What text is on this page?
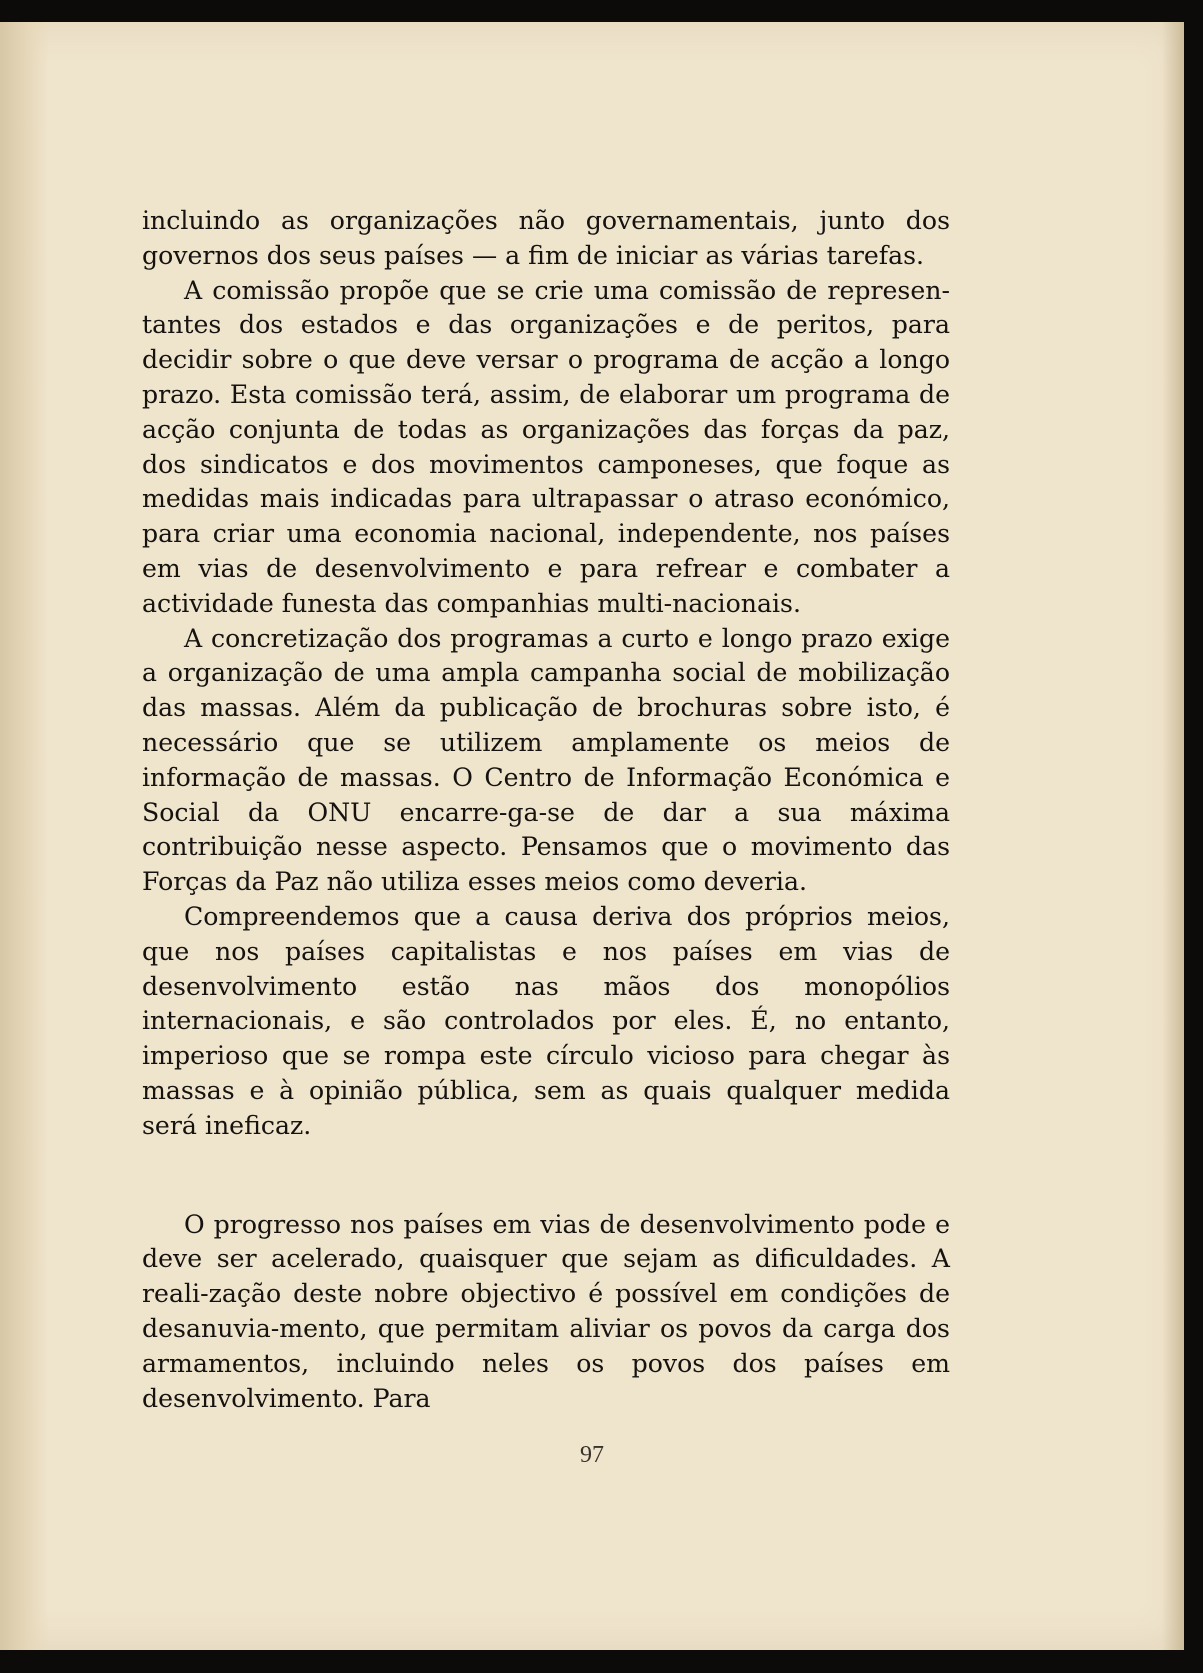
incluindo as organizações não governamentais, junto dos governos dos seus países — a fim de iniciar as várias tarefas.

A comissão propõe que se crie uma comissão de represen-tantes dos estados e das organizações e de peritos, para decidir sobre o que deve versar o programa de acção a longo prazo. Esta comissão terá, assim, de elaborar um programa de acção conjunta de todas as organizações das forças da paz, dos sindicatos e dos movimentos camponeses, que foque as medidas mais indicadas para ultrapassar o atraso económico, para criar uma economia nacional, independente, nos países em vias de desenvolvimento e para refrear e combater a actividade funesta das companhias multi-nacionais.

A concretização dos programas a curto e longo prazo exige a organização de uma ampla campanha social de mobilização das massas. Além da publicação de brochuras sobre isto, é necessário que se utilizem amplamente os meios de informação de massas. O Centro de Informação Económica e Social da ONU encarre-ga-se de dar a sua máxima contribuição nesse aspecto. Pensamos que o movimento das Forças da Paz não utiliza esses meios como deveria.

Compreendemos que a causa deriva dos próprios meios, que nos países capitalistas e nos países em vias de desenvolvimento estão nas mãos dos monopólios internacionais, e são controlados por eles. É, no entanto, imperioso que se rompa este círculo vicioso para chegar às massas e à opinião pública, sem as quais qualquer medida será ineficaz.

O progresso nos países em vias de desenvolvimento pode e deve ser acelerado, quaisquer que sejam as dificuldades. A reali-zação deste nobre objectivo é possível em condições de desanuvia-mento, que permitam aliviar os povos da carga dos armamentos, incluindo neles os povos dos países em desenvolvimento. Para

97
